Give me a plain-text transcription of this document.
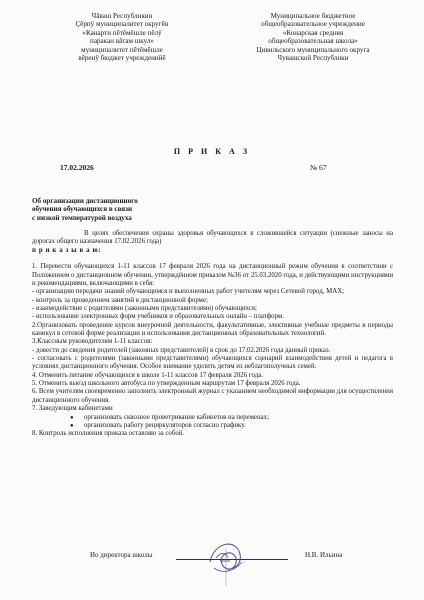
Чăваш Республикин
Çĕрпÿ муниципалитет округĕн
«Канарти пĕтĕмĕшле пĕлÿ
паракан вăтам шкул»
муниципалитет пĕтĕмĕшле
вĕренÿ бюджет учрежденийĕ
Муниципальное бюджетное
общеобразовательное учреждение
«Конарская средняя
общеобразовательная школа»
Цивильского муниципального округа
Чувашской Республики
П Р И К А З
17.02.2026	№ 67
Об организации дистанционного
обучения обучающихся в связи
с низкой температурой воздуха

В целях обеспечения охраны здоровья обучающихся в сложившейся ситуации (снежные заносы на дорогах общего назначения 17.02.2026 года)

п р и к а з ы в а ю:

1. Перевести обучающихся 1-11 классов 17 февраля 2026 года на дистанционный режим обучения в соответствии с Положением о дистанционном обучении, утверждённом приказом №36 от 25.03.2020 года, и действующими инструкциями и рекомендациями, включающими в себя:

- организацию передачи знаний обучающимся и выполненных работ учителям через Сетевой город, МАХ;

- контроль за проведением занятий в дистанционной форме;

- взаимодействие с родителями (законными представителями) обучающихся;

- использование электронных форм учебников и образовательных онлайн – платформ.

2.Организовать проведение курсов внеурочной деятельности, факультативные, элективные учебные предметы в периоды каникул в сетевой форме реализации и использования дистанционных образовательных технологий.

3.Классным руководителям 1-11 классов:

- довести до сведения родителей (законных представителей) в срок до 17.02.2026 года данный приказ.

- согласовать с родителями (законными представителями) обучающихся сценарий взаимодействия детей и педагога в условиях дистанционного обучения. Особое внимание уделить детям из неблагополучных семей.

4. Отменить питание обучающихся в школе 1-11 классов 17 февраля 2026 года.

5. Отменить выезд школьного автобуса по утвержденным маршрутам 17 февраля 2026 года.

6. Всем учителям своевременно заполнить электронный журнал с указанием необходимой информации для осуществления дистанционного обучения.

7. Заведующим кабинетами

● организовать сквозное проветривание кабинетов на переменах;
● организовать работу рециркуляторов согласно графику.

8. Контроль исполнения приказа оставляю за собой.

Ио директора школы	Н.В. Ильина
